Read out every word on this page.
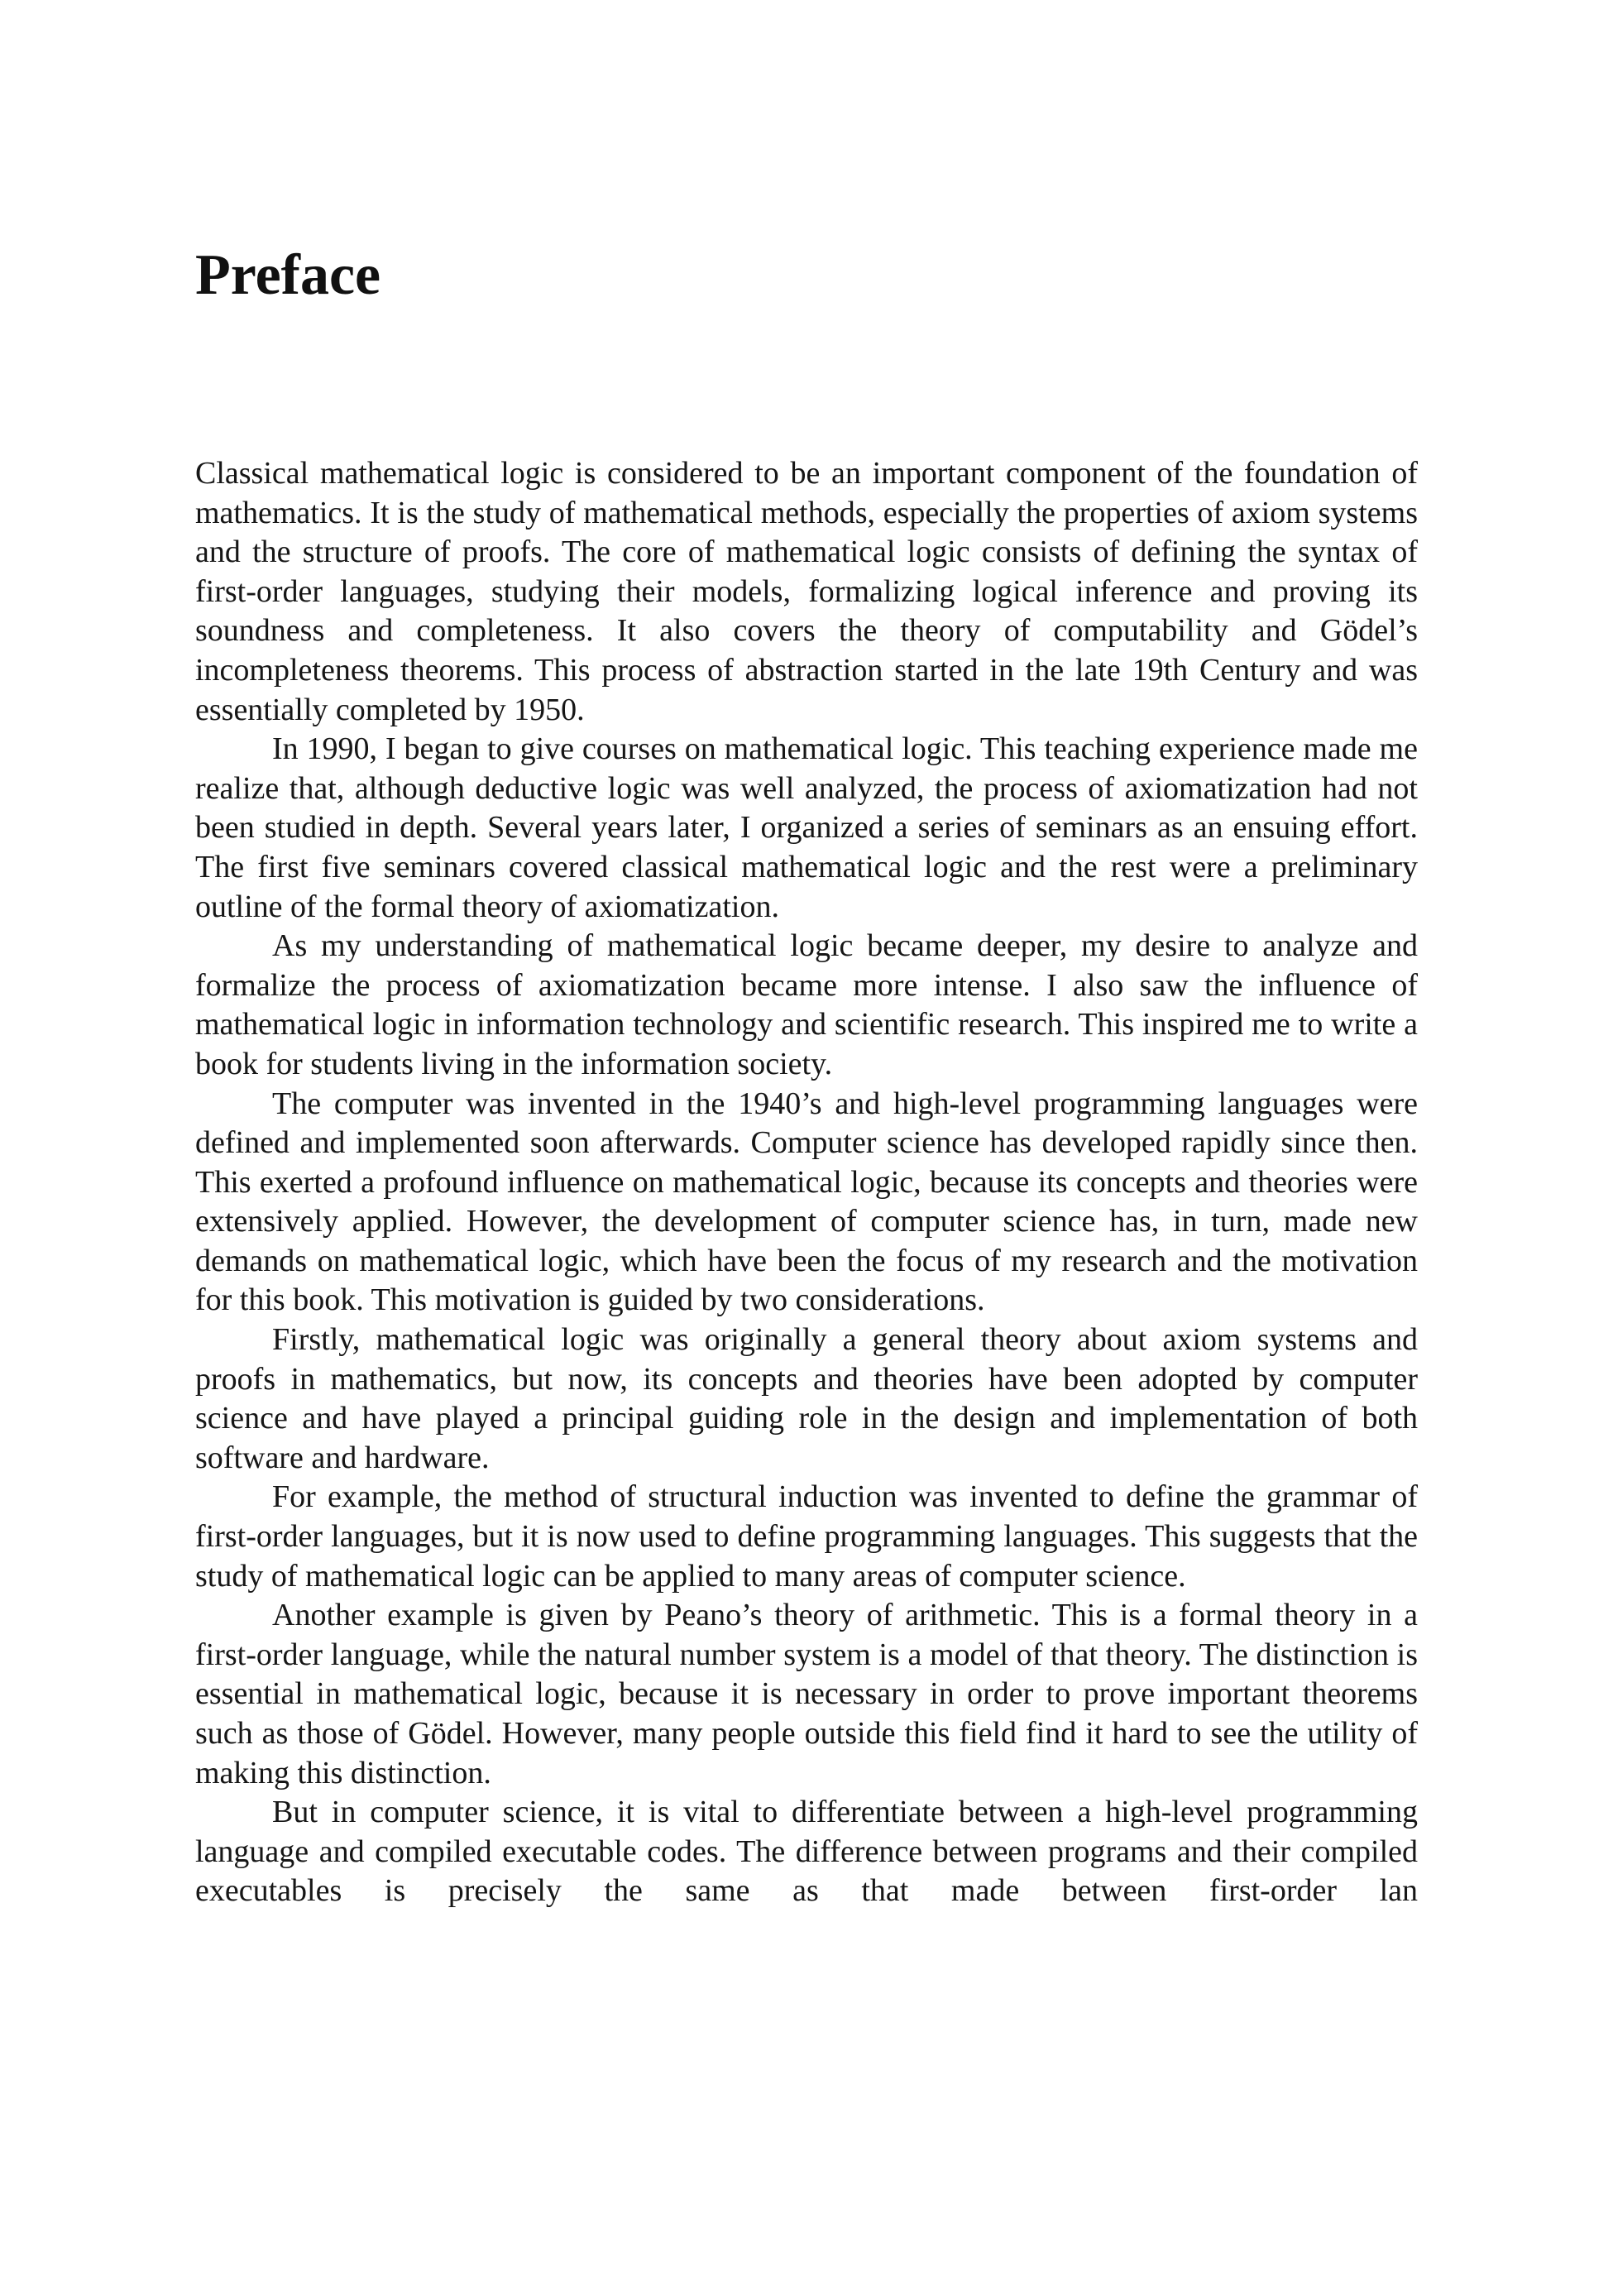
Preface

Classical mathematical logic is considered to be an important component of the foundation of mathematics. It is the study of mathematical methods, especially the properties of axiom systems and the structure of proofs. The core of mathematical logic consists of defining the syntax of first-order languages, studying their models, formalizing logical inference and proving its soundness and completeness. It also covers the theory of computability and Gödel’s incompleteness theorems. This process of abstraction started in the late 19th Century and was essentially completed by 1950.

In 1990, I began to give courses on mathematical logic. This teaching experience made me realize that, although deductive logic was well analyzed, the process of axiomatization had not been studied in depth. Several years later, I organized a series of seminars as an ensuing effort. The first five seminars covered classical mathematical logic and the rest were a preliminary outline of the formal theory of axiomatization.

As my understanding of mathematical logic became deeper, my desire to analyze and formalize the process of axiomatization became more intense. I also saw the influence of mathematical logic in information technology and scientific research. This inspired me to write a book for students living in the information society.

The computer was invented in the 1940’s and high-level programming languages were defined and implemented soon afterwards. Computer science has developed rapidly since then. This exerted a profound influence on mathematical logic, because its concepts and theories were extensively applied. However, the development of computer science has, in turn, made new demands on mathematical logic, which have been the focus of my research and the motivation for this book. This motivation is guided by two considerations.

Firstly, mathematical logic was originally a general theory about axiom systems and proofs in mathematics, but now, its concepts and theories have been adopted by computer science and have played a principal guiding role in the design and implementation of both software and hardware.

For example, the method of structural induction was invented to define the grammar of first-order languages, but it is now used to define programming languages. This suggests that the study of mathematical logic can be applied to many areas of computer science.

Another example is given by Peano’s theory of arithmetic. This is a formal theory in a first-order language, while the natural number system is a model of that theory. The distinction is essential in mathematical logic, because it is necessary in order to prove important theorems such as those of Gödel. However, many people outside this field find it hard to see the utility of making this distinction.

But in computer science, it is vital to differentiate between a high-level programming language and compiled executable codes. The difference between programs and their compiled executables is precisely the same as that made between first-order lan
